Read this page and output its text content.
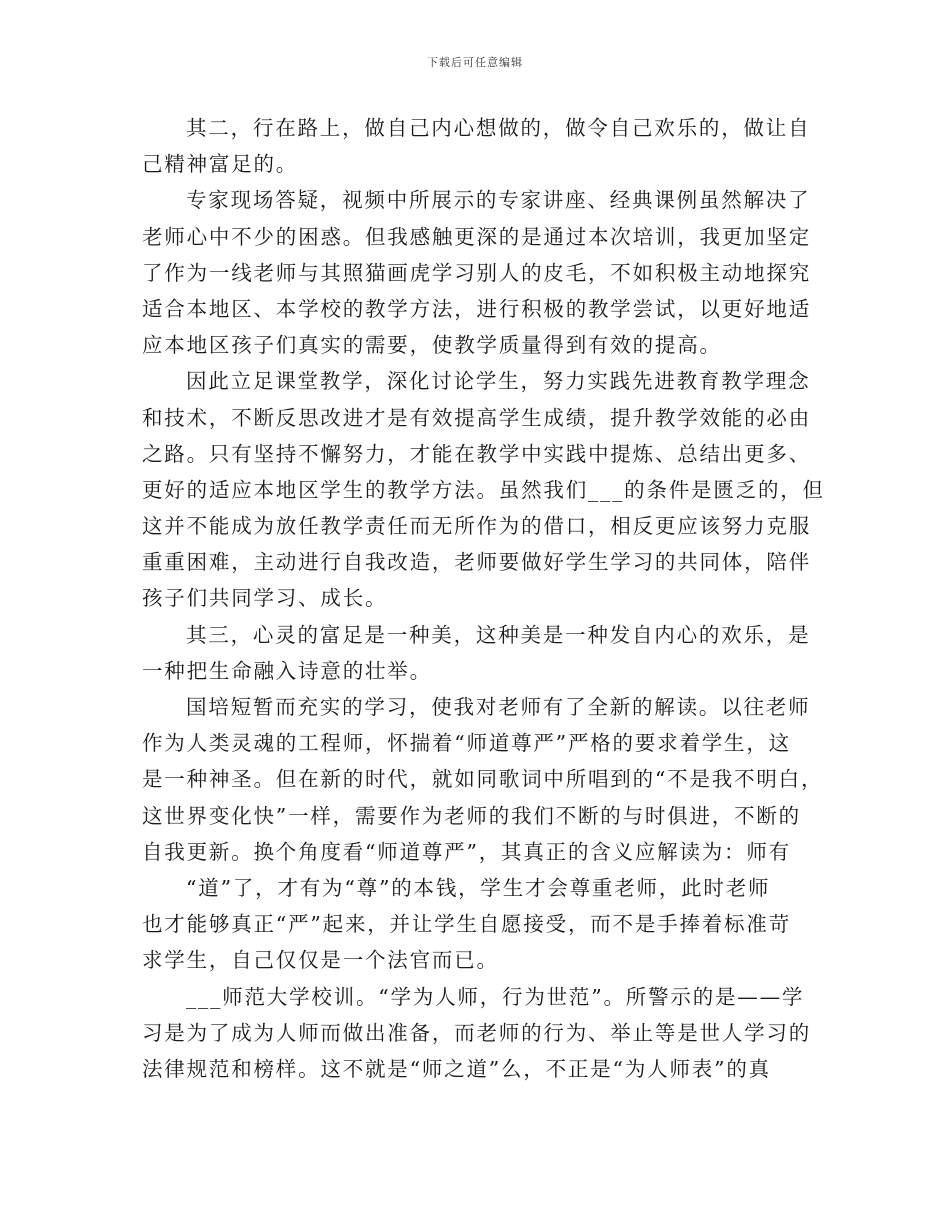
下载后可任意编辑
其二，行在路上，做自己内心想做的，做令自己欢乐的，做让自
己精神富足的。
专家现场答疑，视频中所展示的专家讲座、经典课例虽然解决了
老师心中不少的困惑。但我感触更深的是通过本次培训，我更加坚定
了作为一线老师与其照猫画虎学习别人的皮毛，不如积极主动地探究
适合本地区、本学校的教学方法，进行积极的教学尝试，以更好地适
应本地区孩子们真实的需要，使教学质量得到有效的提高。
因此立足课堂教学，深化讨论学生，努力实践先进教育教学理念
和技术，不断反思改进才是有效提高学生成绩，提升教学效能的必由
之路。只有坚持不懈努力，才能在教学中实践中提炼、总结出更多、
更好的适应本地区学生的教学方法。虽然我们___的条件是匮乏的，但
这并不能成为放任教学责任而无所作为的借口，相反更应该努力克服
重重困难，主动进行自我改造，老师要做好学生学习的共同体，陪伴
孩子们共同学习、成长。
其三，心灵的富足是一种美，这种美是一种发自内心的欢乐，是
一种把生命融入诗意的壮举。
国培短暂而充实的学习，使我对老师有了全新的解读。以往老师
作为人类灵魂的工程师，怀揣着“师道尊严”严格的要求着学生，这
是一种神圣。但在新的时代，就如同歌词中所唱到的“不是我不明白，
这世界变化快”一样，需要作为老师的我们不断的与时俱进，不断的
自我更新。换个角度看“师道尊严”，其真正的含义应解读为：师有
“道”了，才有为“尊”的本钱，学生才会尊重老师，此时老师
也才能够真正“严”起来，并让学生自愿接受，而不是手捧着标准苛
求学生，自己仅仅是一个法官而已。
___师范大学校训。“学为人师，行为世范”。所警示的是——学
习是为了成为人师而做出准备，而老师的行为、举止等是世人学习的
法律规范和榜样。这不就是“师之道”么，不正是“为人师表”的真
